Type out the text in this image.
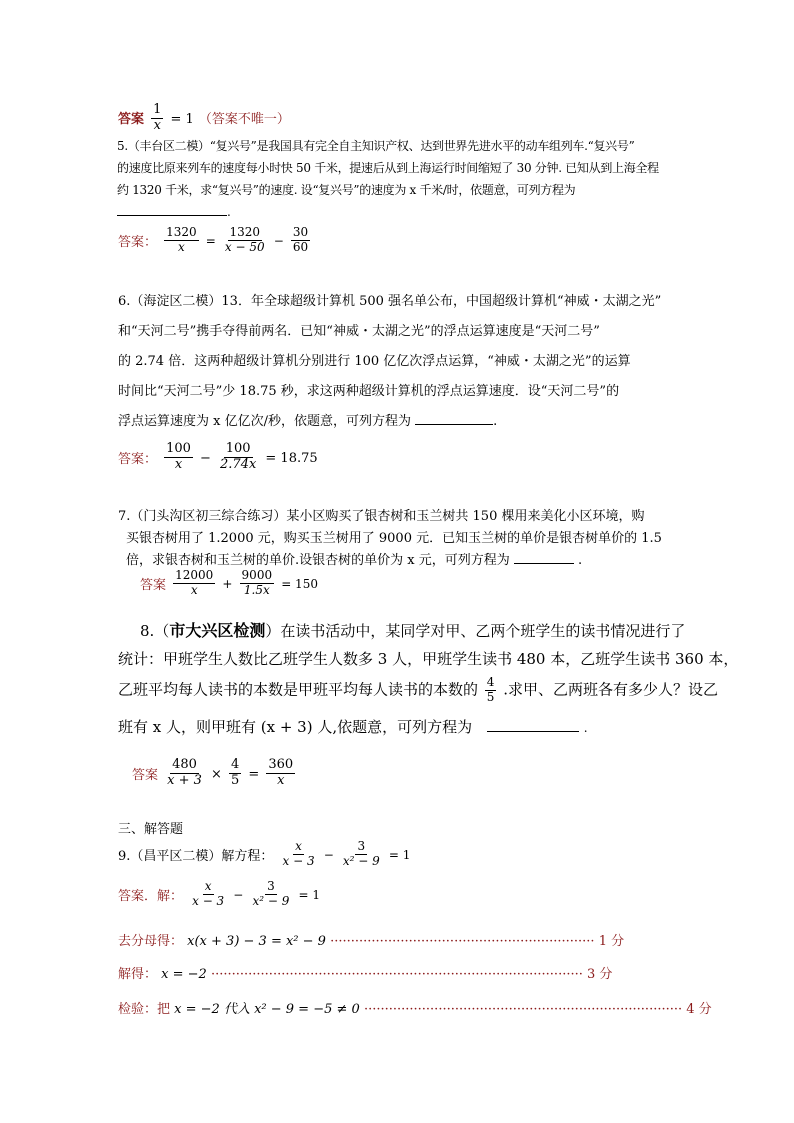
答案 $\frac{1}{x} = 1$ （答案不唯一）
5.（丰台区二模）“复兴号”是我国具有完全自主知识产权、达到世界先进水平的动车组列车.“复兴号”
的速度比原来列车的速度每小时快 50 千米，提速后从到上海运行时间缩短了 30 分钟. 已知从到上海全程
约 1320 千米，求“复兴号”的速度. 设“复兴号”的速度为 x 千米/时，依题意，可列方程为
.
答案： $\frac{1320}{x} = \frac{1320}{x - 50} - \frac{30}{60}$
6.（海淀区二模）13．年全球超级计算机 500 强名单公布，中国超级计算机“神威・太湖之光”
和“天河二号”携手夺得前两名．已知“神威・太湖之光”的浮点运算速度是“天河二号”
的 2.74 倍．这两种超级计算机分别进行 100 亿亿次浮点运算，“神威・太湖之光”的运算
时间比“天河二号”少 18.75 秒，求这两种超级计算机的浮点运算速度．设“天河二号”的
浮点运算速度为 x 亿亿次/秒，依题意，可列方程为	.
答案： $\frac{100}{x} - \frac{100}{2.74x} = 18.75$
7.（门头沟区初三综合练习）某小区购买了银杏树和玉兰树共 150 棵用来美化小区环境，购
买银杏树用了 1.2000 元，购买玉兰树用了 9000 元．已知玉兰树的单价是银杏树单价的 1.5
倍，求银杏树和玉兰树的单价.设银杏树的单价为 x 元，可列方程为	.
答案 $\frac{12000}{x} + \frac{9000}{1.5x} = 150$
8.（市大兴区检测）在读书活动中，某同学对甲、乙两个班学生的读书情况进行了
统计：甲班学生人数比乙班学生人数多 3 人，甲班学生读书 480 本，乙班学生读书 360 本，
乙班平均每人读书的本数是甲班平均每人读书的本数的 $\frac{4}{5}$ .求甲、乙两班各有多少人？设乙
班有 x 人，则甲班有 (x + 3) 人,依题意，可列方程为	.
答案 $\frac{480}{x + 3} \times \frac{4}{5} = \frac{360}{x}$
三、解答题
9.（昌平区二模）解方程： $\frac{x}{x - 3} - \frac{3}{\text{x² − 9}} = 1$
答案．解： $\frac{x}{x - 3} - \frac{3}{\text{x² − 9}} = 1$
去分母得： x(x + 3) − 3 = x² − 9 ································································ 1 分
解得： x = −2 ·························································································· 3 分
检验：把 x = −2 代入 x² − 9 = −5 ≠ 0 ············································································· 4 分
